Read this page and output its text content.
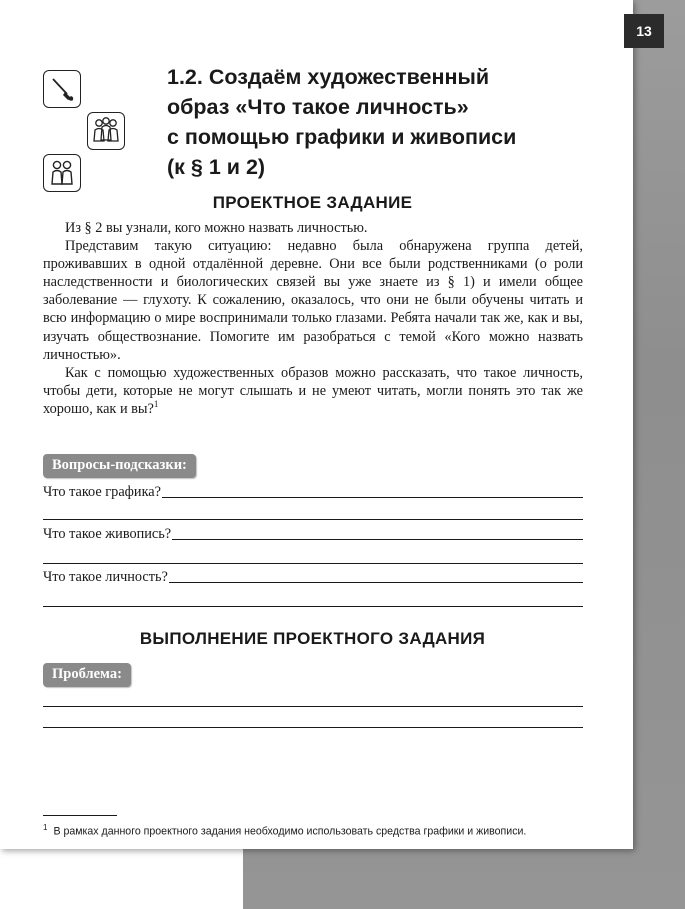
1.2. Создаём художественный
образ «Что такое личность»
с помощью графики и живописи
(к § 1 и 2)
ПРОЕКТНОЕ ЗАДАНИЕ

Из § 2 вы узнали, кого можно назвать личностью.

Представим такую ситуацию: недавно была обнаружена группа детей, проживавших в одной отдалённой деревне. Они все были родственниками (о роли наследственности и биологических связей вы уже знаете из § 1) и имели общее заболевание — глухоту. К сожалению, оказалось, что они не были обучены читать и всю информацию о мире воспринимали только глазами. Ребята начали так же, как и вы, изучать обществознание. Помогите им разобраться с темой «Кого можно назвать личностью».

Как с помощью художественных образов можно рассказать, что такое личность, чтобы дети, которые не могут слышать и не умеют читать, могли понять это так же хорошо, как и вы?$^1$

Вопросы-подсказки:
Что такое графика?
Что такое живопись?
Что такое личность?
ВЫПОЛНЕНИЕ ПРОЕКТНОГО ЗАДАНИЯ
Проблема:

$^1$ В рамках данного проектного задания необходимо использовать средства графики и живописи.

13
